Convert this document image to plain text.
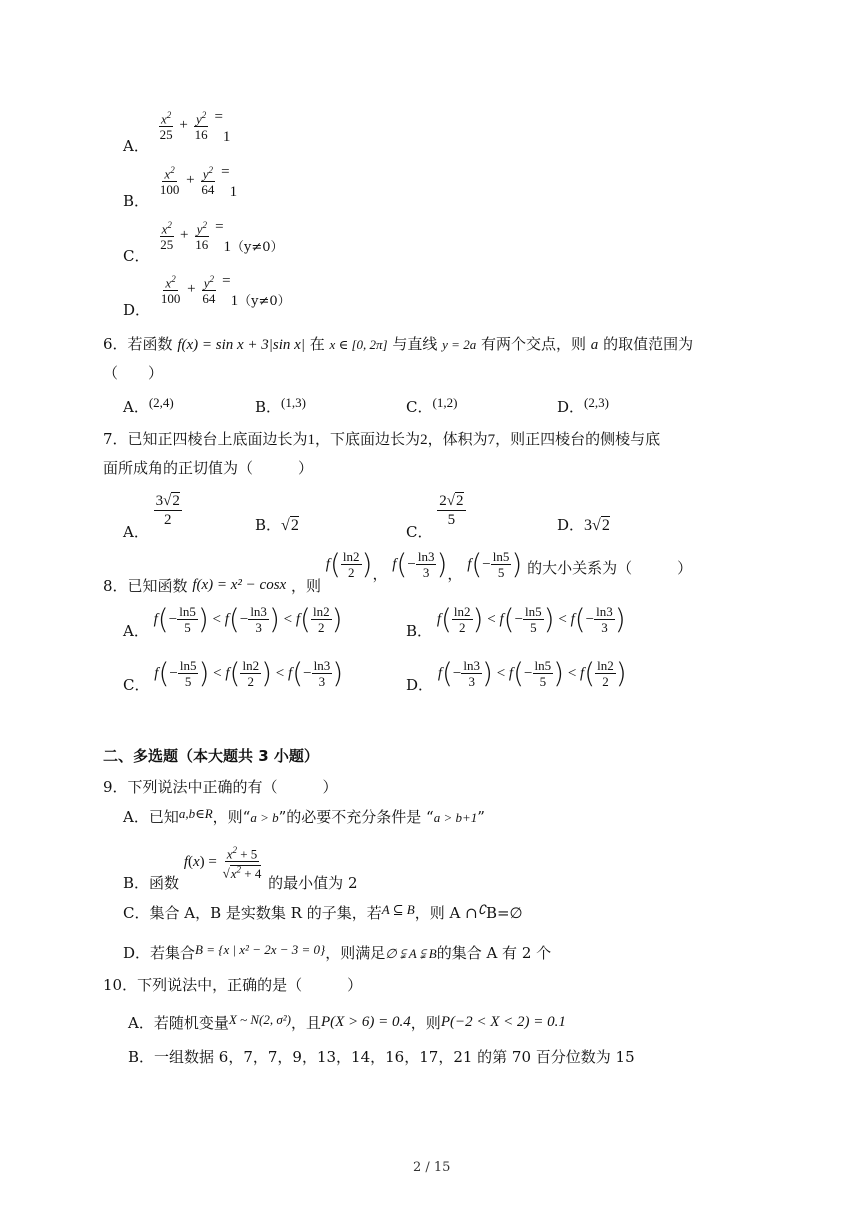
A．
$\frac{x^2}{25} + \frac{y^2}{16} =1$
B．
$\frac{x^2}{100} + \frac{y^2}{64} =1$
C．
$\frac{x^2}{25} + \frac{y^2}{16} =1(y\ne 0)$
D．
$\frac{x^2}{100} + \frac{y^2}{64} =1(y\ne 0)$
6．若函数 f(x) = sin x + 3|sin x| 在 x ∈ [0, 2π] 与直线 y = 2a 有两个交点，则 a 的取值范围为
（　　）
A．(2,4)	B．(1,3)	C．(1,2)	D．(2,3)
7．已知正四棱台上底面边长为1，下底面边长为2，体积为7，则正四棱台的侧棱与底
面所成角的正切值为（　　　）
A．
$\frac{3√2}{2}$	B．√2	C．
$\frac{2√2}{5}$	D．3√2
8．已知函数 f(x) = x² − cosx ，则 $f( \frac{\ln 2}{2}$ )， $f(- \frac{\ln 3}{3}$ )， $f(- \frac{\ln 5}{5}$ ) 的大小关系为（　　　）
A． $f(- \frac{\ln 5}{5}$ ) < $f(- \frac{\ln 3}{3}$ ) < $f( \frac{\ln 2}{2}$ )	B． $f( \frac{\ln 2}{2}$ ) < $f(- \frac{\ln 5}{5}$ ) < $f(- \frac{\ln 3}{3}$ )
C． $f(- \frac{\ln 5}{5}$ ) < $f( \frac{\ln 2}{2}$ ) < $f(- \frac{\ln 3}{3}$ )	D． $f(- \frac{\ln 3}{3}$ ) < $f(- \frac{\ln 5}{5}$ ) < $f( \frac{\ln 2}{2}$ )
二、多选题（本大题共 3 小题）
9．下列说法中正确的有（　　　）
A．已知a,b∈R，则“a > b”的必要不充分条件是 “a > b+1”
B．函数 $f(x) = \frac{x^2 + 5}{√x^2 + 4}$
的最小值为 2
C．集合 A，B 是实数集 R 的子集，若A ⊆ B，则 A ∩∁B=∅
D．若集合B = {x | x² − 2x − 3 = 0}，则满足∅ ⫋ A ⫋ B的集合 A 有 2 个
10．下列说法中，正确的是（　　　）
A．若随机变量X ~ N(2, σ²)，且P(X > 6) = 0.4，则P(−2 < X < 2) = 0.1
B．一组数据 6，7，7，9，13，14，16，17，21 的第 70 百分位数为 15
2 / 15
